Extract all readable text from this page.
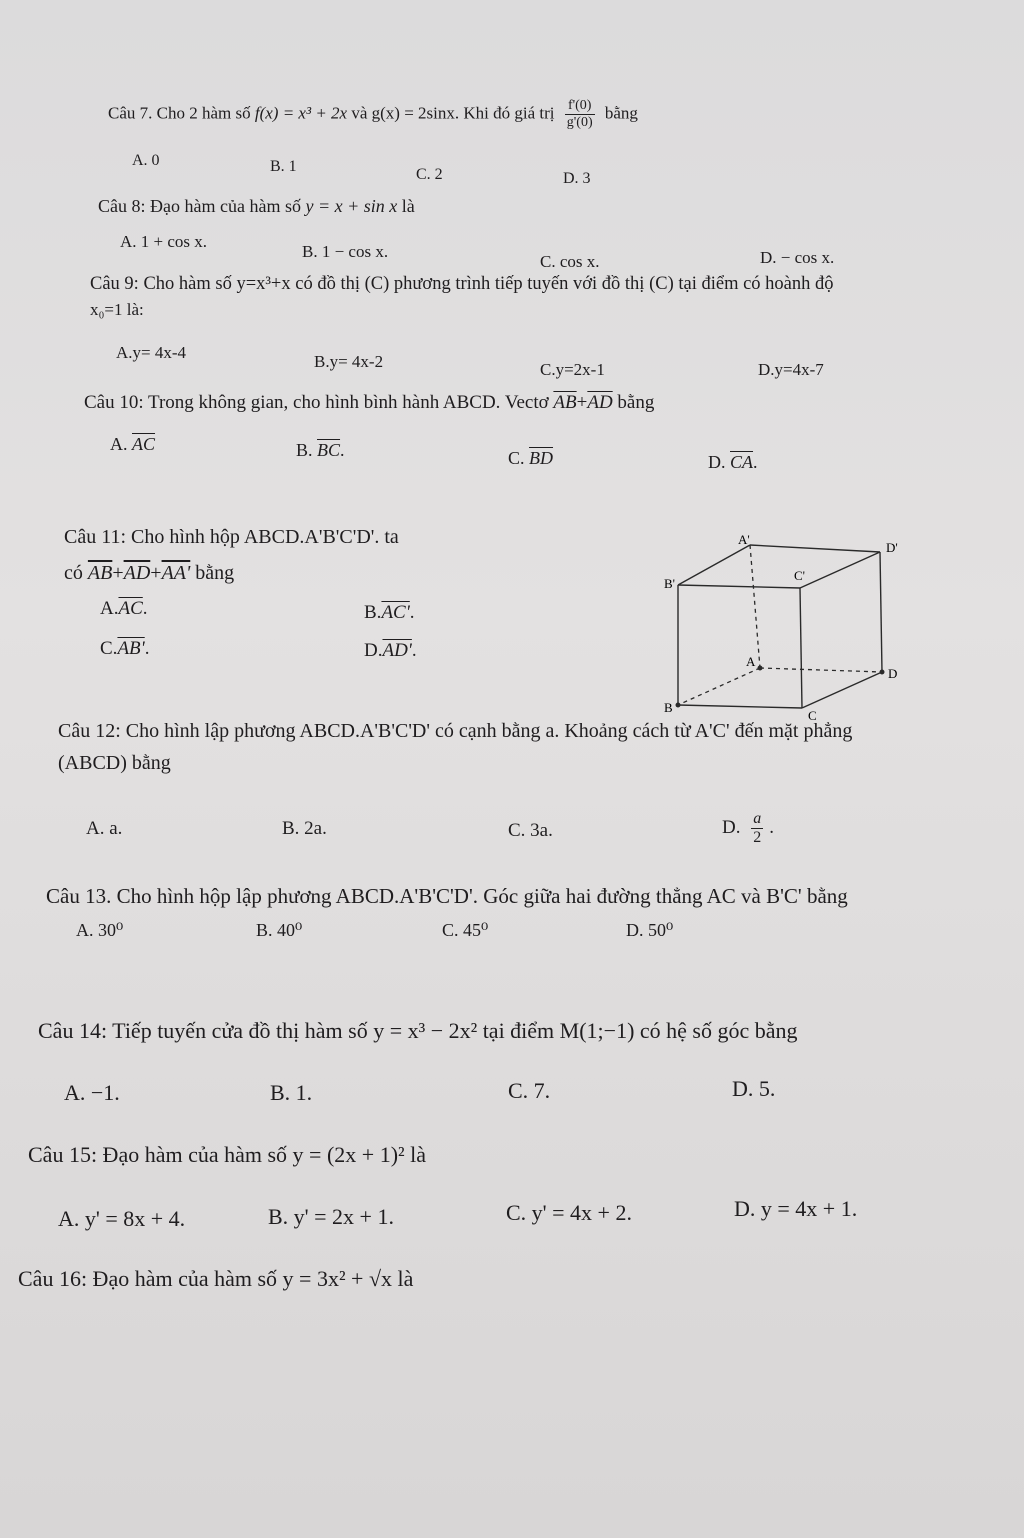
Câu 7. Cho 2 hàm số f(x) = x³ + 2x và g(x) = 2sinx. Khi đó giá trị $\frac{f'(0)}{g'(0)}$ bằng
A. 0	B. 1	C. 2	D. 3
Câu 8: Đạo hàm của hàm số y = x + sin x là
A. 1 + cos x.
B. 1 − cos x.
C. cos x.	D. − cos x.
Câu 9: Cho hàm số y=x³+x có đồ thị (C) phương trình tiếp tuyến với đồ thị (C) tại điểm có hoành độ
x₀=1 là:
A.y= 4x-4	B.y= 4x-2	C.y=2x-1	D.y=4x-7
Câu 10: Trong không gian, cho hình bình hành ABCD. Vectơ $\overline{AB}+\overline{AD}$ bằng
A. $\overline{AC}$	B. $\overline{BC}$.	C. $\overline{BD}$	D. $\overline{CA}$.
Câu 11: Cho hình hộp ABCD.A'B'C'D'. ta
có $\overline{AB}+\overline{AD}+AA'$ bằng
$A.\overline{AC}$.	B.AC'.
C.AB'.	D.AD'.
A'
D'
B'
C'
A
D
B
C
Câu 12: Cho hình lập phương ABCD.A'B'C'D' có cạnh bằng a. Khoảng cách từ A'C' đến mặt phẳng
(ABCD) bằng
A. a.	B. 2a.	C. 3a.	D. $\frac{a}{2}$ .
Câu 13. Cho hình hộp lập phương ABCD.A'B'C'D'. Góc giữa hai đường thẳng AC và B'C' bằng
A. 30⁰	B. 40⁰	C. 45⁰	D. 50⁰
Câu 14: Tiếp tuyến cửa đồ thị hàm số y = x³ − 2x² tại điểm M(1;−1) có hệ số góc bằng
A. −1.	B. 1.	C. 7.	D. 5.
Câu 15: Đạo hàm của hàm số y = (2x + 1)² là
A. y' = 8x + 4.	B. y' = 2x + 1.	C. y' = 4x + 2.	D. y = 4x + 1.
Câu 16: Đạo hàm của hàm số y = 3x² + √x là
